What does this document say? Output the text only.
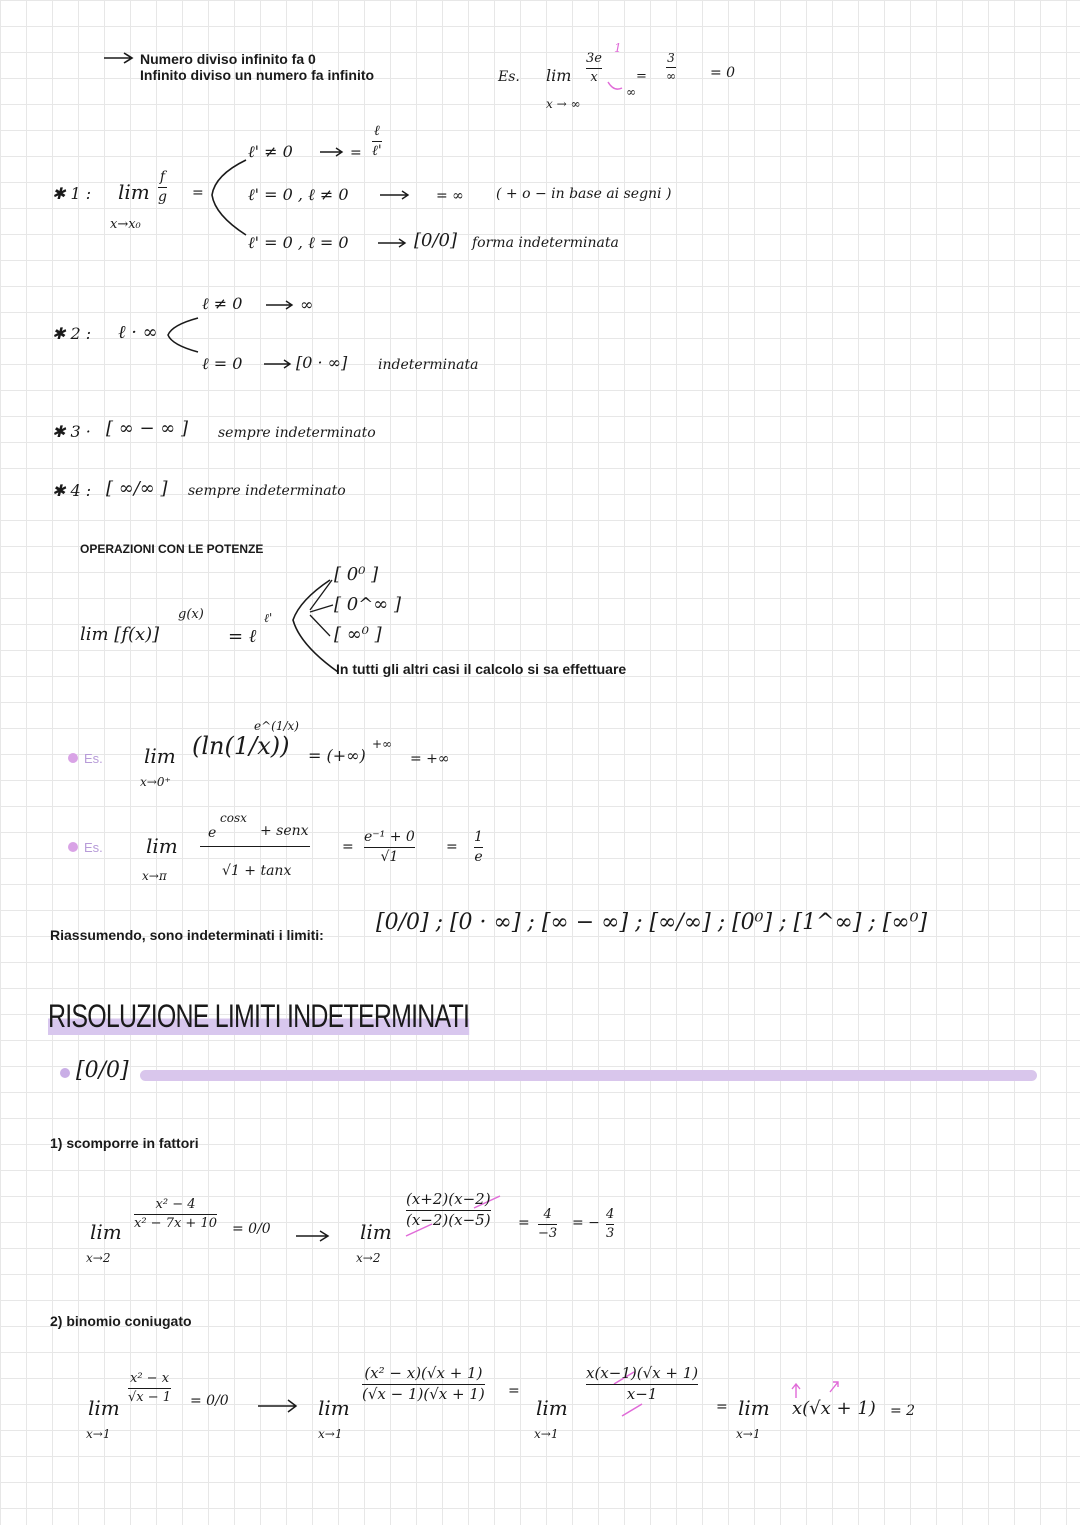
Numero diviso infinito fa 0
Infinito diviso un numero fa infinito	Es. lim
x → ∞
3e
x
1
∞
=
3
∞ = 0
✱ 1 : lim
f
g
x→x₀
=
ℓ' ≠ 0	=
ℓ
ℓ'
ℓ' = 0 , ℓ ≠ 0	= ∞ ( + o − in base ai segni )
ℓ' = 0 , ℓ = 0	[0/0] forma indeterminata
✱ 2 : ℓ · ∞
ℓ ≠ 0	∞
ℓ = 0	[0 · ∞] indeterminata
✱ 3 · [ ∞ − ∞ ] sempre indeterminato
✱ 4 : [ ∞/∞ ] sempre indeterminato
OPERAZIONI CON LE POTENZE
lim [f(x)]
g(x)
= ℓ
ℓ'
[ 0⁰ ]
[ 0^∞ ]
[ ∞⁰ ]
In tutti gli altri casi il calcolo si sa effettuare
Es. lim
x→0⁺
(ln(1/x))
e^(1/x)
= (+∞)
+∞
= +∞
Es. lim
x→π
e
cosx
+ senx
√1 + tanx
=
e⁻¹ + 0
√1
=
1
e
Riassumendo, sono indeterminati i limiti: [0/0] ; [0 · ∞] ; [∞ − ∞] ; [∞/∞] ; [0⁰] ; [1^∞] ; [∞⁰]
RISOLUZIONE LIMITI INDETERMINATI
[0/0]
1) scomporre in fattori
lim
x→2
x² − 4
x² − 7x + 10 = 0/0	lim
x→2
(x+2)(x−2)
(x−2)(x−5) =
4
−3
= −
4
3
2) binomio coniugato
lim
x→1
x² − x
√x − 1 = 0/0	lim
x→1
(x² − x)(√x + 1)
(√x − 1)(√x + 1) =
lim
x→1
x(x−1)(√x + 1)
x−1
= lim
x→1
x(√x + 1) = 2
